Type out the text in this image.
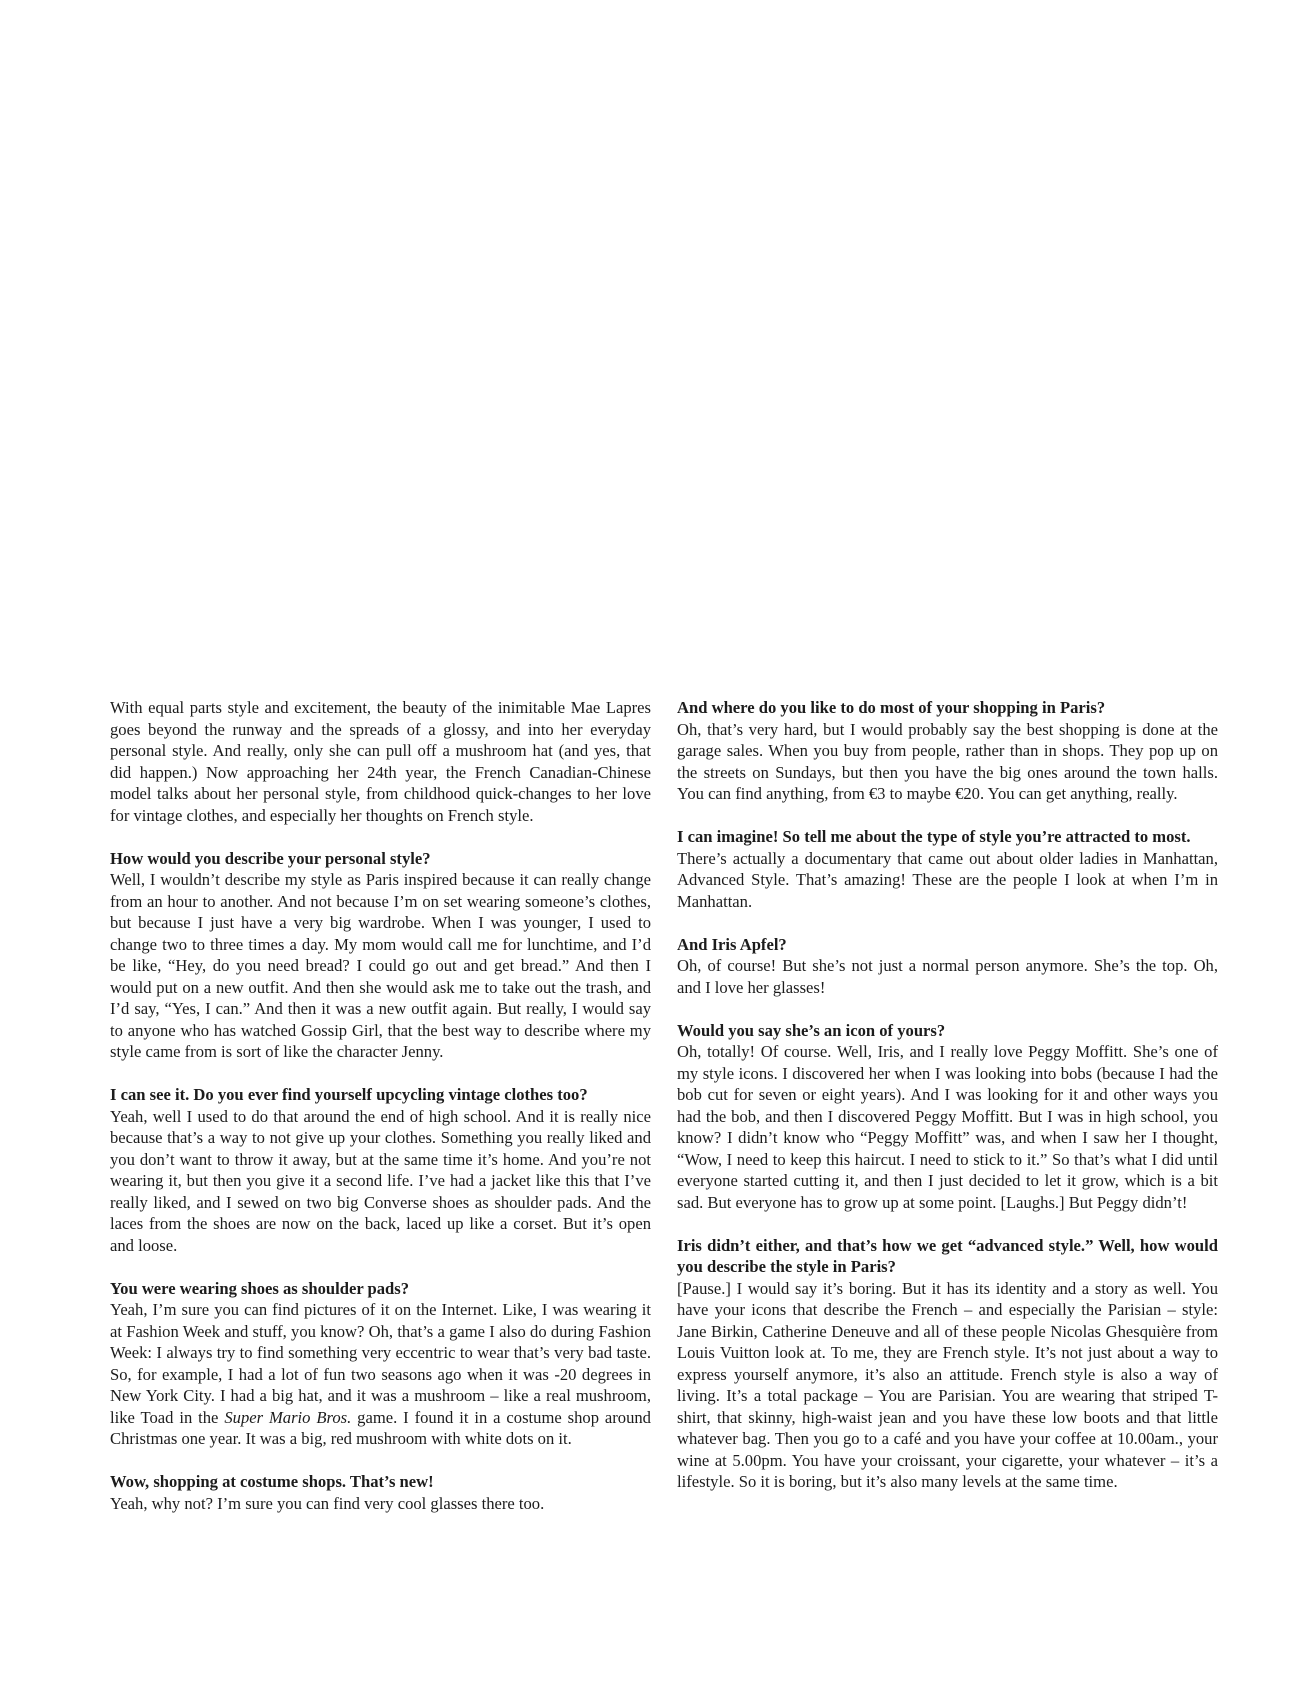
With equal parts style and excitement, the beauty of the inimitable Mae Lapres goes beyond the runway and the spreads of a glossy, and into her everyday personal style. And really, only she can pull off a mushroom hat (and yes, that did happen.) Now approaching her 24th year, the French Canadian-Chinese model talks about her personal style, from childhood quick-changes to her love for vintage clothes, and especially her thoughts on French style.

How would you describe your personal style?
Well, I wouldn’t describe my style as Paris inspired because it can really change from an hour to another. And not because I’m on set wearing someone’s clothes, but because I just have a very big wardrobe. When I was younger, I used to change two to three times a day. My mom would call me for lunchtime, and I’d be like, “Hey, do you need bread? I could go out and get bread.” And then I would put on a new outfit. And then she would ask me to take out the trash, and I’d say, “Yes, I can.” And then it was a new outfit again. But really, I would say to anyone who has watched Gossip Girl, that the best way to describe where my style came from is sort of like the character Jenny.
I can see it. Do you ever find yourself upcycling vintage clothes too?
Yeah, well I used to do that around the end of high school. And it is really nice because that’s a way to not give up your clothes. Something you really liked and you don’t want to throw it away, but at the same time it’s home. And you’re not wearing it, but then you give it a second life. I’ve had a jacket like this that I’ve really liked, and I sewed on two big Converse shoes as shoulder pads. And the laces from the shoes are now on the back, laced up like a corset. But it’s open and loose.
You were wearing shoes as shoulder pads?
Yeah, I’m sure you can find pictures of it on the Internet. Like, I was wearing it at Fashion Week and stuff, you know? Oh, that’s a game I also do during Fashion Week: I always try to find something very eccentric to wear that’s very bad taste. So, for example, I had a lot of fun two seasons ago when it was -20 degrees in New York City. I had a big hat, and it was a mushroom – like a real mushroom, like Toad in the Super Mario Bros. game. I found it in a costume shop around Christmas one year. It was a big, red mushroom with white dots on it.
Wow, shopping at costume shops. That’s new!
Yeah, why not? I’m sure you can find very cool glasses there too.
And where do you like to do most of your shopping in Paris?
Oh, that’s very hard, but I would probably say the best shopping is done at the garage sales. When you buy from people, rather than in shops. They pop up on the streets on Sundays, but then you have the big ones around the town halls. You can find anything, from €3 to maybe €20. You can get anything, really.
I can imagine! So tell me about the type of style you’re attracted to most.
There’s actually a documentary that came out about older ladies in Manhattan, Advanced Style. That’s amazing! These are the people I look at when I’m in Manhattan.
And Iris Apfel?
Oh, of course! But she’s not just a normal person anymore. She’s the top. Oh, and I love her glasses!
Would you say she’s an icon of yours?
Oh, totally! Of course. Well, Iris, and I really love Peggy Moffitt. She’s one of my style icons. I discovered her when I was looking into bobs (because I had the bob cut for seven or eight years). And I was looking for it and other ways you had the bob, and then I discovered Peggy Moffitt. But I was in high school, you know? I didn’t know who “Peggy Moffitt” was, and when I saw her I thought, “Wow, I need to keep this haircut. I need to stick to it.” So that’s what I did until everyone started cutting it, and then I just decided to let it grow, which is a bit sad. But everyone has to grow up at some point. [Laughs.] But Peggy didn’t!
Iris didn’t either, and that’s how we get “advanced style.” Well, how would you describe the style in Paris?
[Pause.] I would say it’s boring. But it has its identity and a story as well. You have your icons that describe the French – and especially the Parisian – style: Jane Birkin, Catherine Deneuve and all of these people Nicolas Ghesquière from Louis Vuitton look at. To me, they are French style. It’s not just about a way to express yourself anymore, it’s also an attitude. French style is also a way of living. It’s a total package – You are Parisian. You are wearing that striped T-shirt, that skinny, high-waist jean and you have these low boots and that little whatever bag. Then you go to a café and you have your coffee at 10.00am., your wine at 5.00pm. You have your croissant, your cigarette, your whatever – it’s a lifestyle. So it is boring, but it’s also many levels at the same time.
